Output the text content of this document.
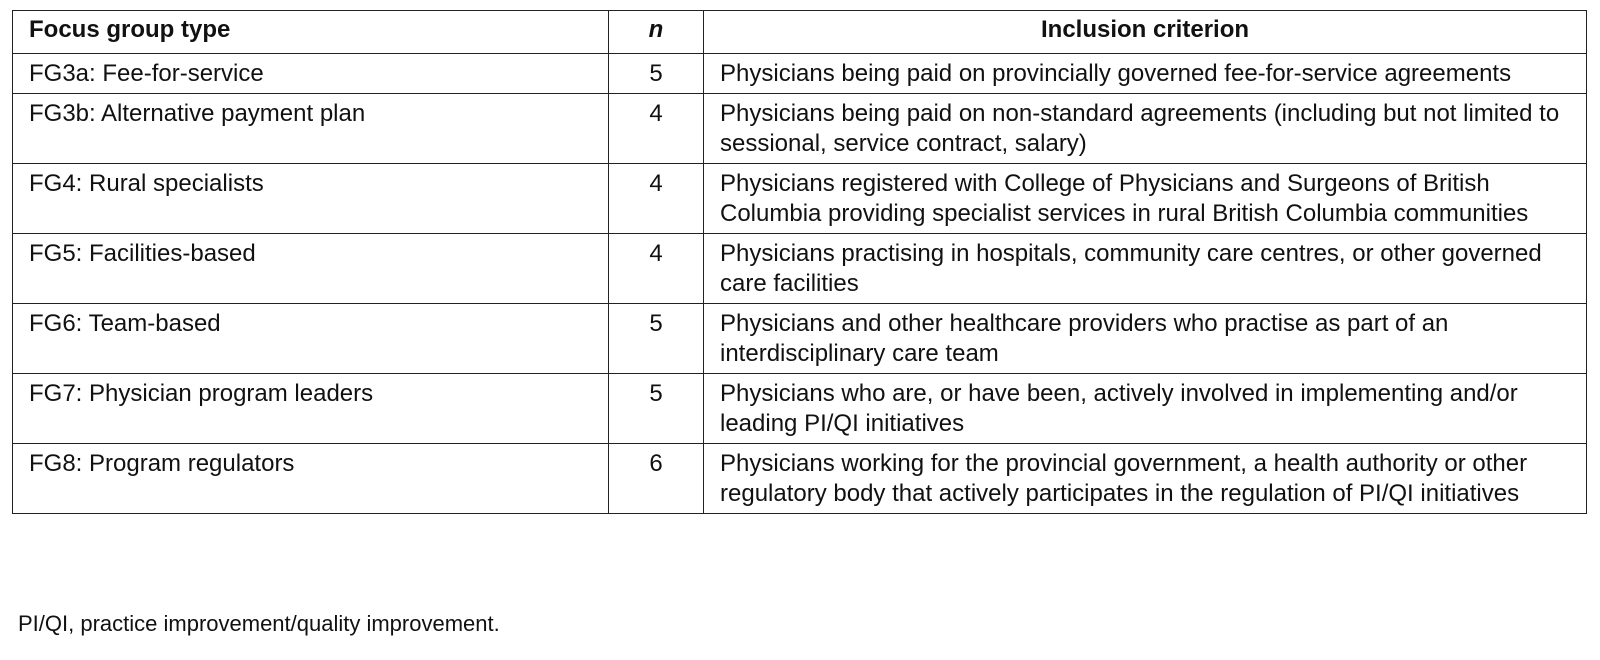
Focus group type	n	Inclusion criterion
FG3a: Fee-for-service	5	Physicians being paid on provincially governed fee-for-service agreements
FG3b: Alternative payment plan	4	Physicians being paid on non-standard agreements (including but not limited to sessional, service contract, salary)
FG4: Rural specialists	4	Physicians registered with College of Physicians and Surgeons of British Columbia providing specialist services in rural British Columbia communities
FG5: Facilities-based	4	Physicians practising in hospitals, community care centres, or other governed care facilities
FG6: Team-based	5	Physicians and other healthcare providers who practise as part of an interdisciplinary care team
FG7: Physician program leaders	5	Physicians who are, or have been, actively involved in implementing and/or leading PI/QI initiatives
FG8: Program regulators	6	Physicians working for the provincial government, a health authority or other regulatory body that actively participates in the regulation of PI/QI initiatives
PI/QI, practice improvement/quality improvement.
